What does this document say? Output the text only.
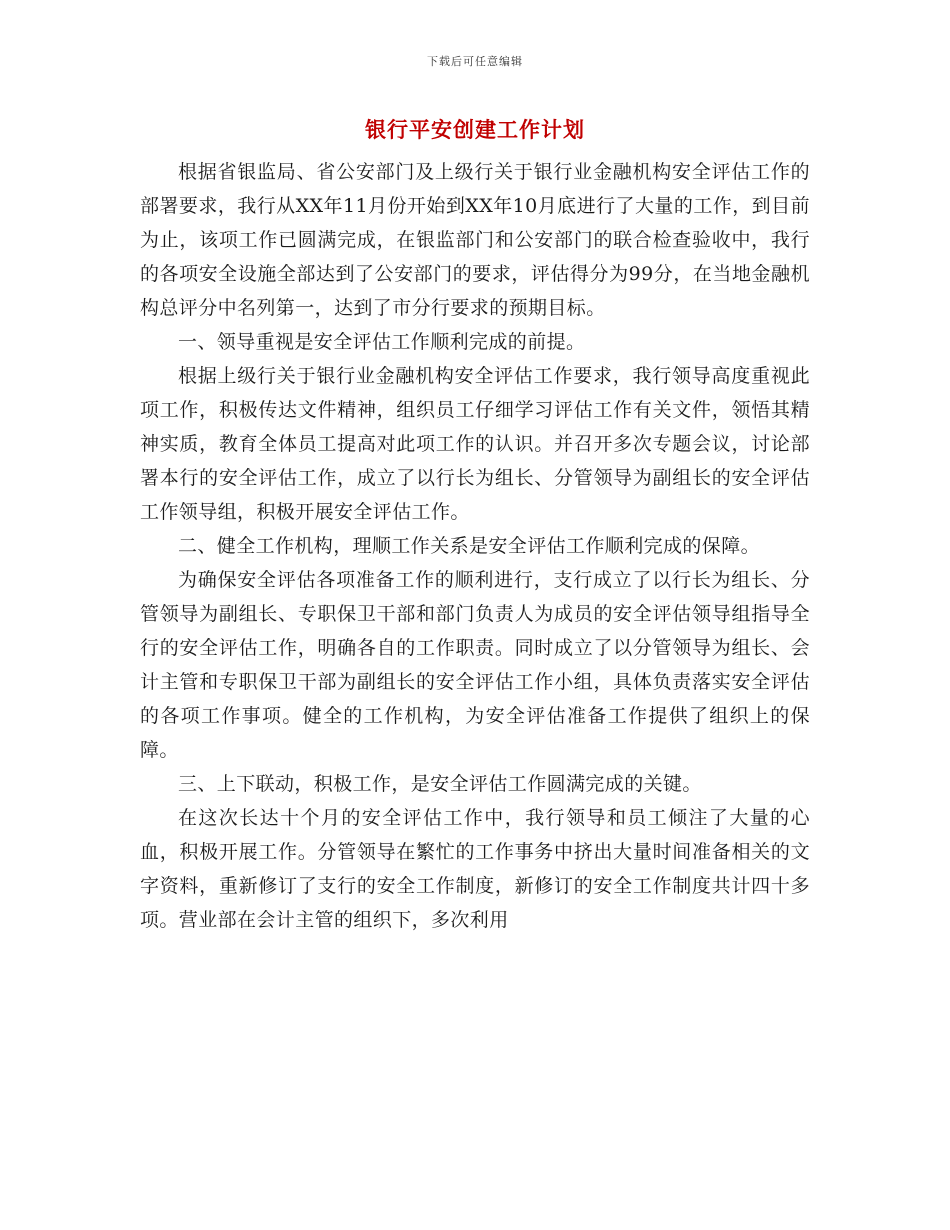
下载后可任意编辑
银行平安创建工作计划

根据省银监局、省公安部门及上级行关于银行业金融机构安全评估工作的部署要求，我行从XX年11月份开始到XX年10月底进行了大量的工作，到目前为止，该项工作已圆满完成，在银监部门和公安部门的联合检查验收中，我行的各项安全设施全部达到了公安部门的要求，评估得分为99分，在当地金融机构总评分中名列第一，达到了市分行要求的预期目标。

一、领导重视是安全评估工作顺利完成的前提。

根据上级行关于银行业金融机构安全评估工作要求，我行领导高度重视此项工作，积极传达文件精神，组织员工仔细学习评估工作有关文件，领悟其精神实质，教育全体员工提高对此项工作的认识。并召开多次专题会议，讨论部署本行的安全评估工作，成立了以行长为组长、分管领导为副组长的安全评估工作领导组，积极开展安全评估工作。

二、健全工作机构，理顺工作关系是安全评估工作顺利完成的保障。

为确保安全评估各项准备工作的顺利进行，支行成立了以行长为组长、分管领导为副组长、专职保卫干部和部门负责人为成员的安全评估领导组指导全行的安全评估工作，明确各自的工作职责。同时成立了以分管领导为组长、会计主管和专职保卫干部为副组长的安全评估工作小组，具体负责落实安全评估的各项工作事项。健全的工作机构，为安全评估准备工作提供了组织上的保障。

三、上下联动，积极工作，是安全评估工作圆满完成的关键。

在这次长达十个月的安全评估工作中，我行领导和员工倾注了大量的心血，积极开展工作。分管领导在繁忙的工作事务中挤出大量时间准备相关的文字资料，重新修订了支行的安全工作制度，新修订的安全工作制度共计四十多项。营业部在会计主管的组织下，多次利用
